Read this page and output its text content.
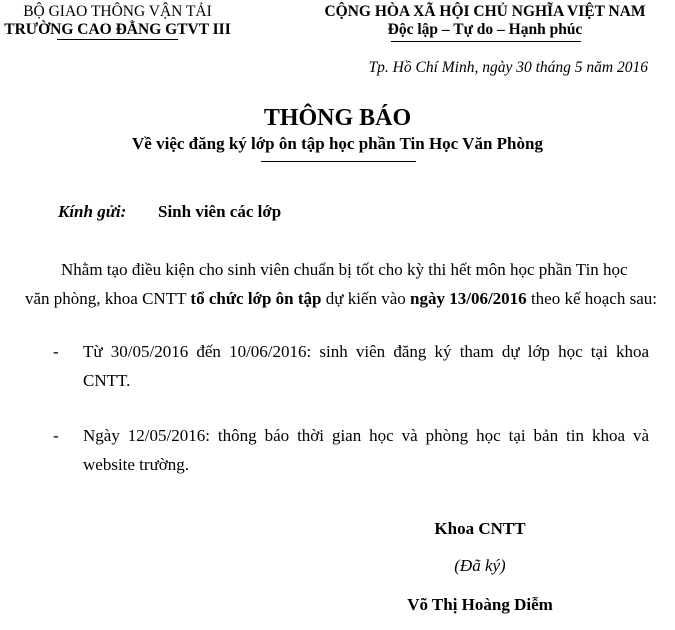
BỘ GIAO THÔNG VẬN TẢI
TRƯỜNG CAO ĐẲNG GTVT III
CỘNG HÒA XÃ HỘI CHỦ NGHĨA VIỆT NAM
Độc lập – Tự do – Hạnh phúc
Tp. Hồ Chí Minh, ngày 30 tháng 5 năm 2016
THÔNG BÁO
Về việc đăng ký lớp ôn tập học phần Tin Học Văn Phòng
Kính gửi: Sinh viên các lớp
Nhằm tạo điều kiện cho sinh viên chuẩn bị tốt cho kỳ thi hết môn học phần Tin học
văn phòng, khoa CNTT tổ chức lớp ôn tập dự kiến vào ngày 13/06/2016 theo kế hoạch sau:
- Từ 30/05/2016 đến 10/06/2016: sinh viên đăng ký tham dự lớp học tại khoa
CNTT.
- Ngày 12/05/2016: thông báo thời gian học và phòng học tại bản tin khoa và
website trường.
Khoa CNTT
(Đã ký)
Võ Thị Hoàng Diễm
